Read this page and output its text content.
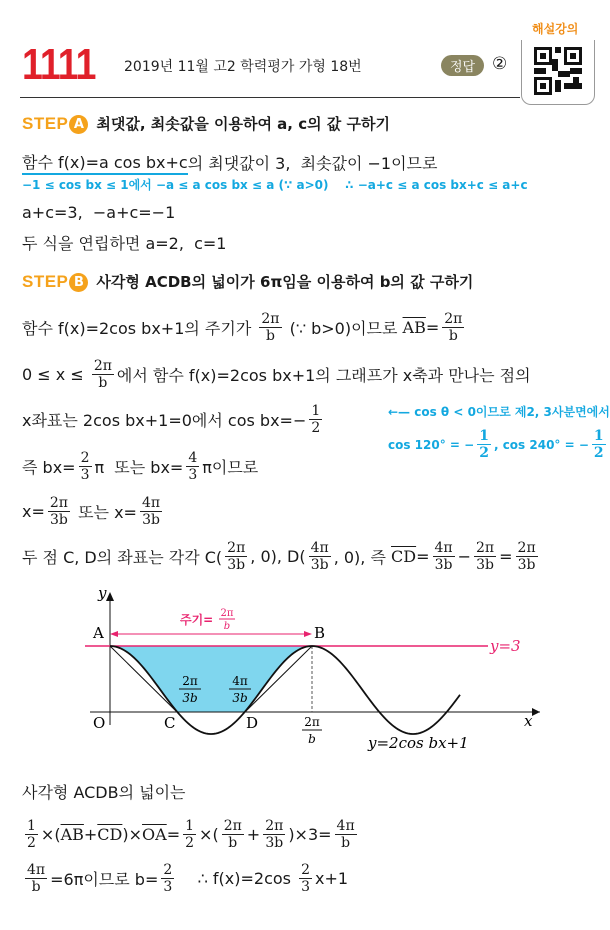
1111 2019년 11월 고2 학력평가 가형 18번	정답 ②
해설강의
STEP A 최댓값, 최솟값을 이용하여 a, c의 값 구하기
STEP B 사각형 ACDB의 넓이가 6π임을 이용하여 b의 값 구하기
함수 f(x)=a cos bx+c 의 최댓값이 3,  최솟값이 −1이므로
−1 ≤ cos bx ≤ 1에서 −a ≤ a cos bx ≤ a (∵ a>0)    ∴ −a+c ≤ a cos bx+c ≤ a+c
a+c=3,  −a+c=−1
두 식을 연립하면 a=2,  c=1
함수 f(x)=2cos bx+1의 주기가 $\frac{2\pi}{b}$ (∵ b>0)이므로 $\overline{AB} = \frac{2\pi}{b}$
$0 \le x \le \frac{2\pi}{b}$ 에서 함수 f(x)=2cos bx+1의 그래프가 x축과 만나는 점의
x좌표는 2cos bx+1=0에서 $\cos bx=- \frac{1}{2}$	←— cos θ < 0이므로 제2, 3사분면에서
cos 120° = − $\frac{1}{2}$ , cos 240° = − $\frac{1}{2}$
즉 $bx= \frac{2}{3}$ π  또는 $bx= \frac{4}{3}$ π이므로
$x= \frac{2\pi}{3b}$ 또는 $x= \frac{4\pi}{3b}$
두 점 C, D의 좌표는 각각 $C( \frac{2\pi}{3b}$ , 0), $D( \frac{4\pi}{3b}$ , 0), 즉 $\overline{CD} = \frac{4\pi}{3b} - \frac{2\pi}{3b} = \frac{2\pi}{3b}$
사각형 ACDB의 넓이는
$\frac{1}{2}$ ×( $\overline{AB} + \overline{CD}$ )× $\overline{OA} = \frac{1}{2}$ ×( $\frac{2\pi}{b} + \frac{2\pi}{3b} )\times 3= \frac{4\pi}{b}$
$\frac{4\pi}{b} =6\pi$이므로 $b= \frac{2}{3}$ ∴ $f(x)=2\cos \frac{2}{3} x+1$
y
x
O
A	B
C	D
주기= 2π
b
y=3
y=2cos bx+1
2π
3b
4π
3b
2π
b
